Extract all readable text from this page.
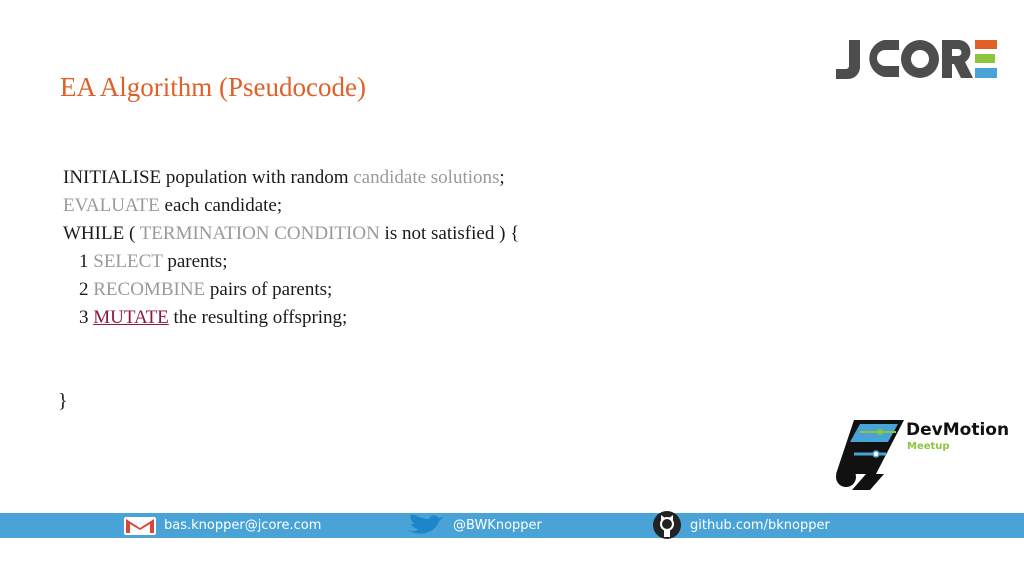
EA Algorithm (Pseudocode)
INITIALISE population with random candidate solutions;
EVALUATE each candidate;
WHILE ( TERMINATION CONDITION is not satisfied ) {
1 SELECT parents;
2 RECOMBINE pairs of parents;
3 MUTATE the resulting offspring;
}
DevMotion
Meetup
bas.knopper@jcore.com	@BWKnopper	github.com/bknopper
